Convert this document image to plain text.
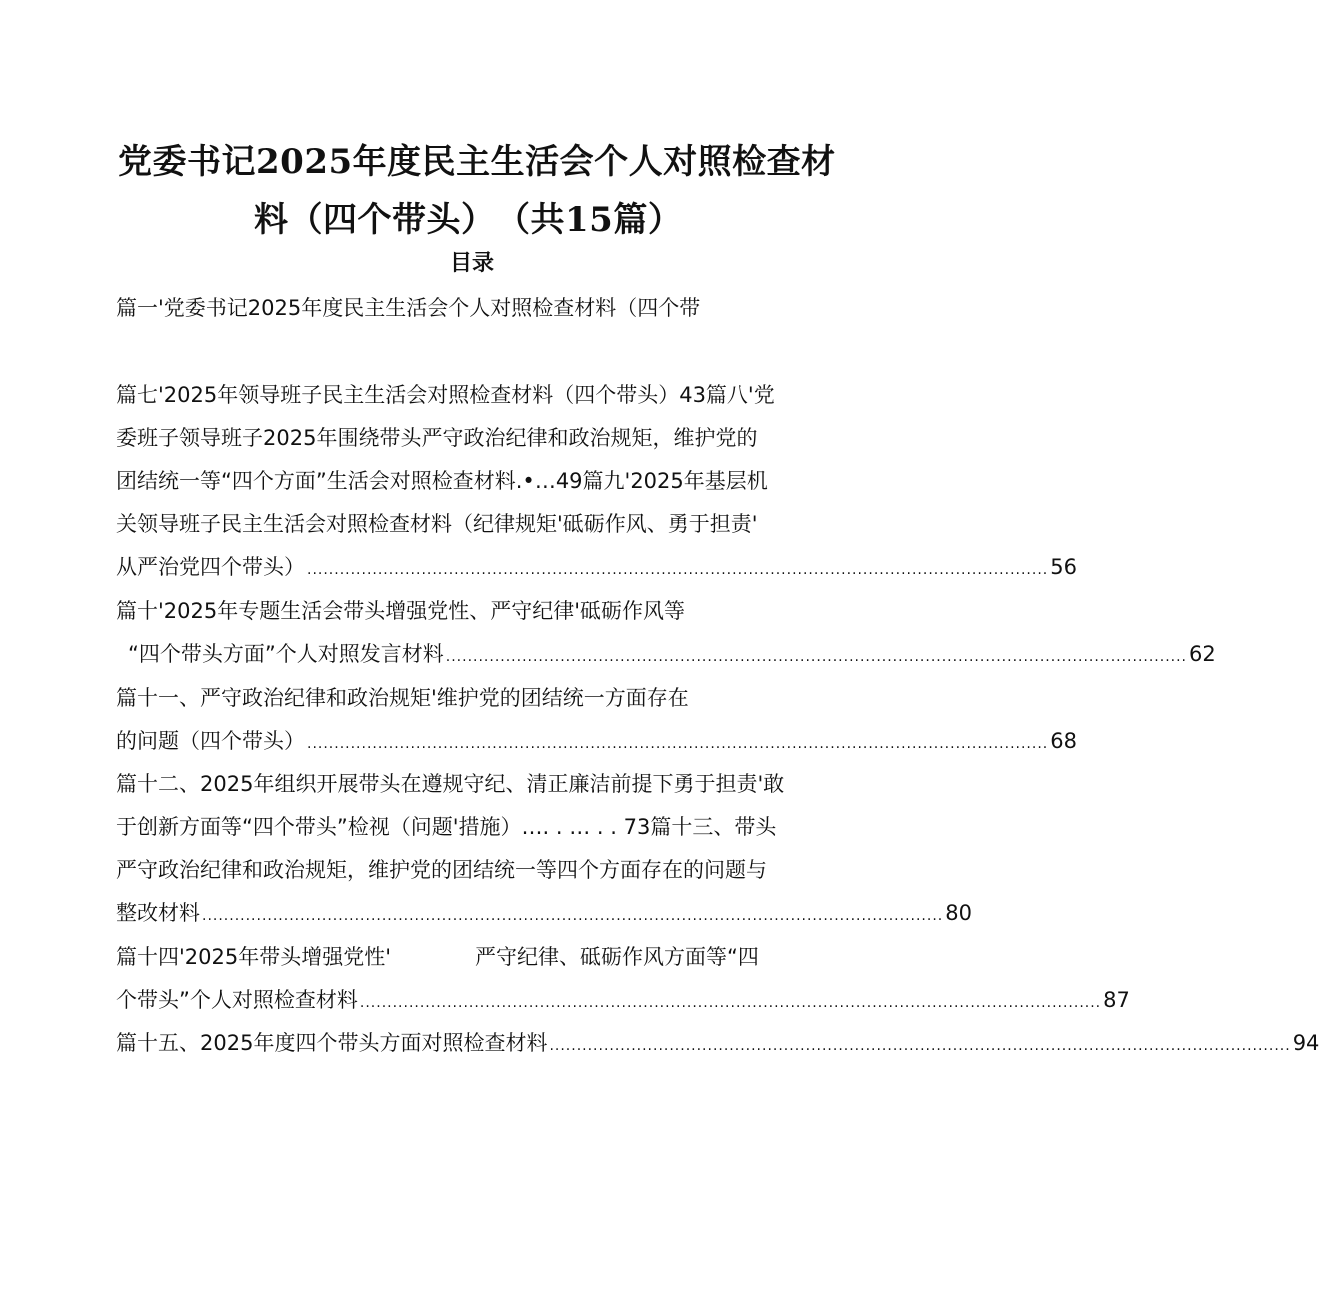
党委书记2025年度民主生活会个人对照检查材
料（四个带头）　（共15篇）
目录
篇一'党委书记2025年度民主生活会个人对照检查材料（四个带
篇七'2025年领导班子民主生活会对照检查材料（四个带头）43篇八'党
委班子领导班子2025年围绕带头严守政治纪律和政治规矩，维护党的
团结统一等“四个方面”生活会对照检查材料.•…49篇九'2025年基层机
关领导班子民主生活会对照检查材料（纪律规矩'砥砺作风、勇于担责'
从严治党四个带头） ........................................................................................................................................ 56
篇十'2025年专题生活会带头增强党性、严守纪律'砥砺作风等
“四个带头方面”个人对照发言材料 ........................................................................................................................................ 62
篇十一、严守政治纪律和政治规矩'维护党的团结统一方面存在
的问题（四个带头） ........................................................................................................................................ 68
篇十二、2025年组织开展带头在遵规守纪、清正廉洁前提下勇于担责'敢
于创新方面等“四个带头”检视（问题'措施）…. . … . . 73篇十三、带头
严守政治纪律和政治规矩，维护党的团结统一等四个方面存在的问题与
整改材料 ........................................................................................................................................ 80
篇十四'2025年带头增强党性'　　　　严守纪律、砥砺作风方面等“四
个带头”个人对照检查材料 ........................................................................................................................................ 87
篇十五、2025年度四个带头方面对照检查材料 ........................................................................................................................................ 94
